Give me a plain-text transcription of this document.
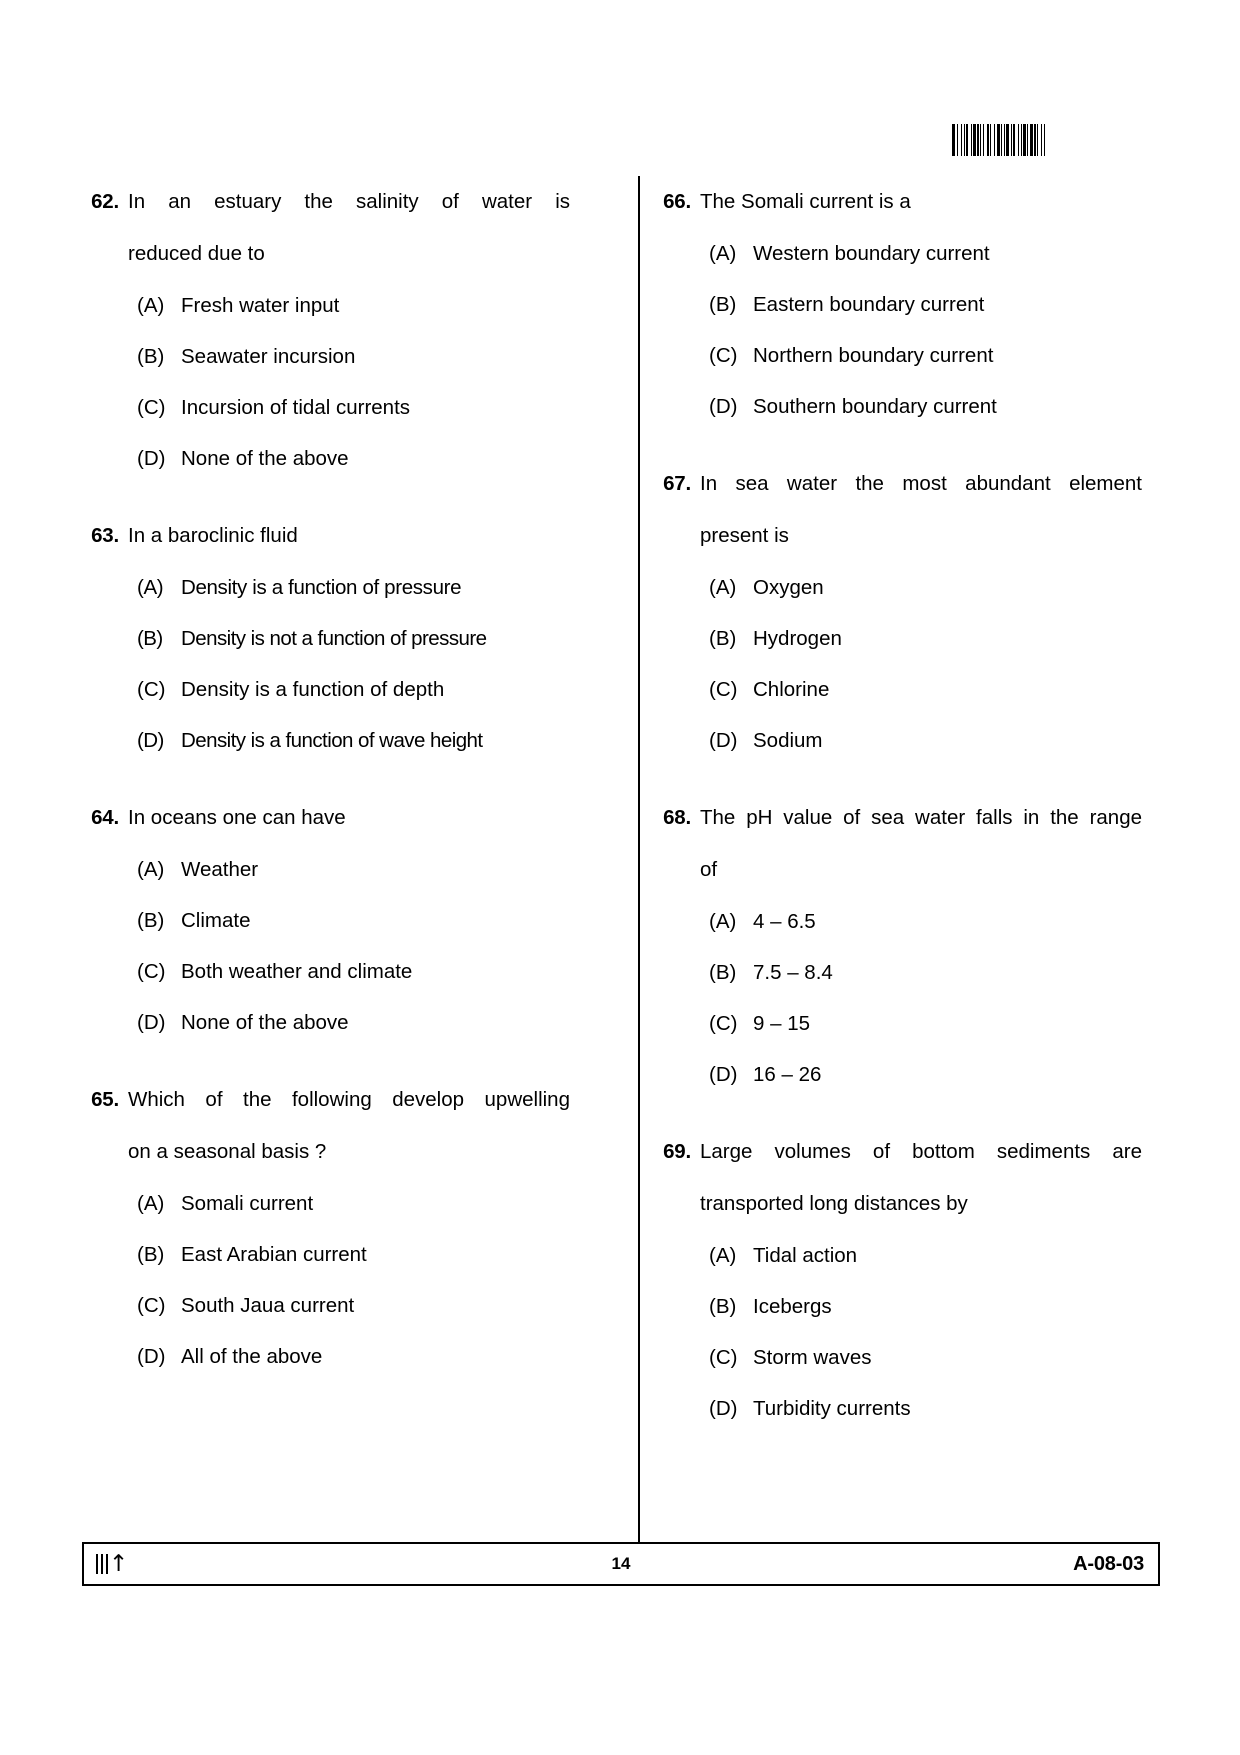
62. In an estuary the salinity of water is
reduced due to
(A) Fresh water input
(B) Seawater incursion
(C) Incursion of tidal currents
(D) None of the above
63. In a baroclinic fluid
(A) Density is a function of pressure
(B) Density is not a function of pressure
(C) Density is a function of depth
(D) Density is a function of wave height
64. In oceans one can have
(A) Weather
(B) Climate
(C) Both weather and climate
(D) None of the above
65. Which of the following develop upwelling
on a seasonal basis ?
(A) Somali current
(B) East Arabian current
(C) South Jaua current
(D) All of the above
66. The Somali current is a
(A) Western boundary current
(B) Eastern boundary current
(C) Northern boundary current
(D) Southern boundary current
67. In sea water the most abundant element
present is
(A) Oxygen
(B) Hydrogen
(C) Chlorine
(D) Sodium
68. The pH value of sea water falls in the range
of
(A) 4 – 6.5
(B) 7.5 – 8.4
(C) 9 – 15
(D) 16 – 26
69. Large volumes of bottom sediments are
transported long distances by
(A) Tidal action
(B) Icebergs
(C) Storm waves
(D) Turbidity currents
↑	14	A-08-03
